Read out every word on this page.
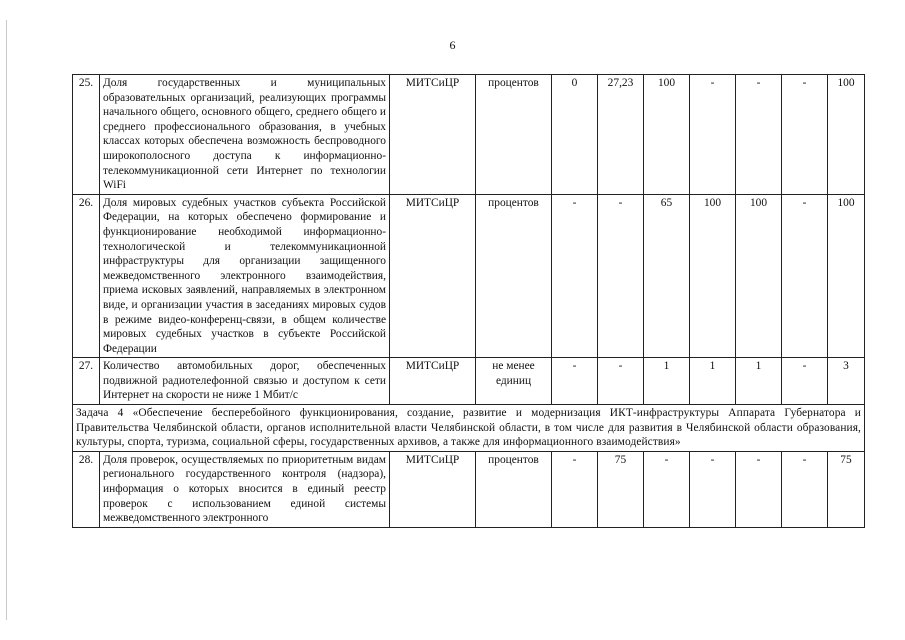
6
25.	Доля государственных и муниципальных образовательных организаций, реализующих программы начального общего, основного общего, среднего общего и среднего профессионального образования, в учебных классах которых обеспечена возможность беспроводного широкополосного доступа к информационно-телекоммуникационной сети Интернет по технологии WiFi	МИТСиЦР	процентов	0	27,23	100	-	-	-	100
26.	Доля мировых судебных участков субъекта Российской Федерации, на которых обеспечено формирование и функционирование необходимой информационно-технологической и телекоммуникационной инфраструктуры для организации защищенного межведомственного электронного взаимодействия, приема исковых заявлений, направляемых в электронном виде, и организации участия в заседаниях мировых судов в режиме видео-конференц-связи, в общем количестве мировых судебных участков в субъекте Российской Федерации	МИТСиЦР	процентов	-	-	65	100	100	-	100
27.	Количество автомобильных дорог, обеспеченных подвижной радиотелефонной связью и доступом к сети Интернет на скорости не ниже 1 Мбит/с	МИТСиЦР	не менее единиц	-	-	1	1	1	-	3
Задача 4 «Обеспечение бесперебойного функционирования, создание, развитие и модернизация ИКТ-инфраструктуры Аппарата Губернатора и Правительства Челябинской области, органов исполнительной власти Челябинской области, в том числе для развития в Челябинской области образования, культуры, спорта, туризма, социальной сферы, государственных архивов, а также для информационного взаимодействия»										
28.	Доля проверок, осуществляемых по приоритетным видам регионального государственного контроля (надзора), информация о которых вносится в единый реестр проверок с использованием единой системы межведомственного электронного	МИТСиЦР	процентов	-	75	-	-	-	-	75
